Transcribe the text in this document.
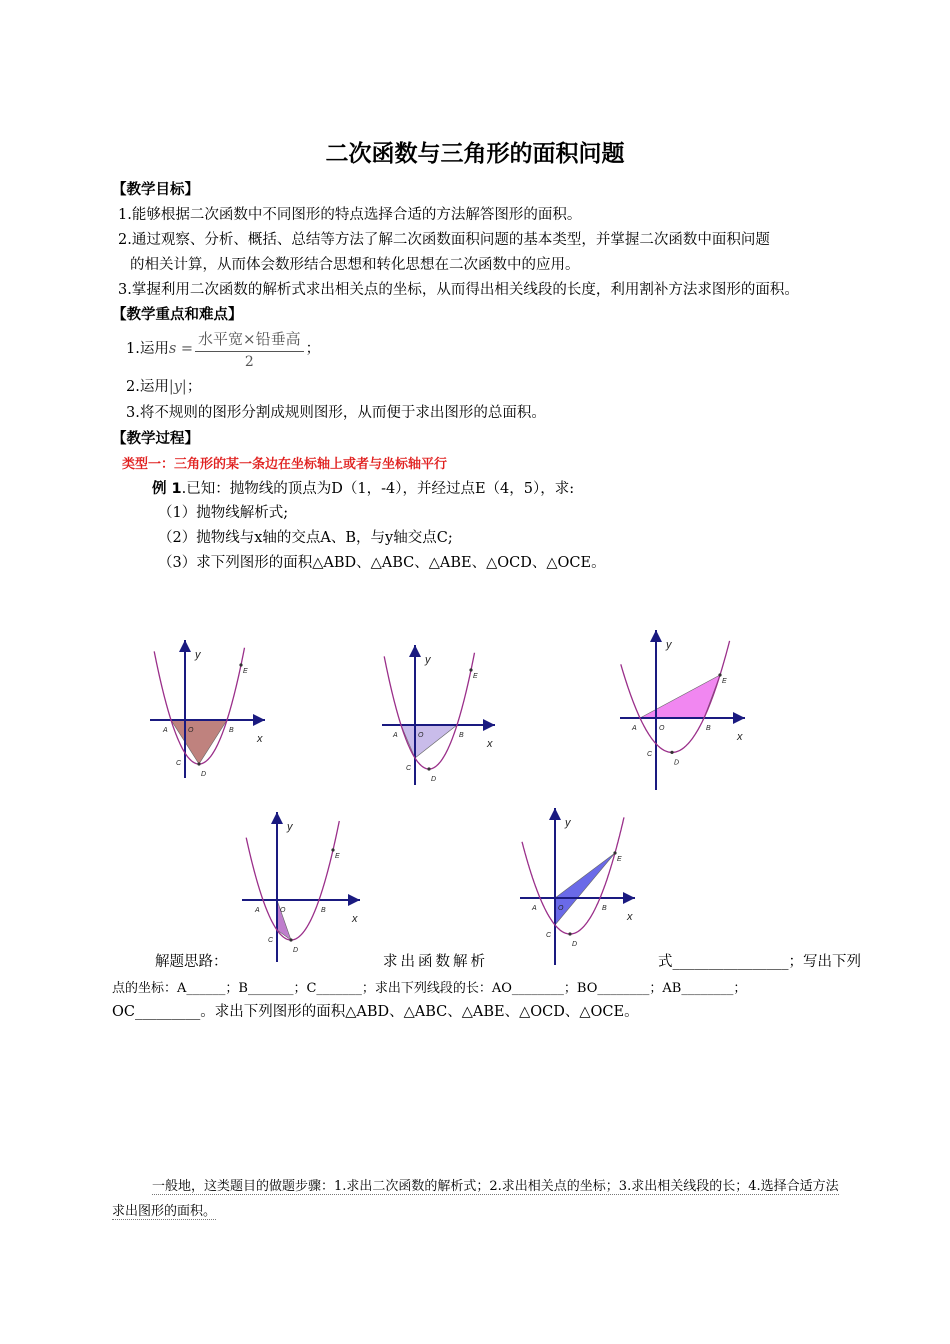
二次函数与三角形的面积问题
【教学目标】
1.能够根据二次函数中不同图形的特点选择合适的方法解答图形的面积。
2.通过观察、分析、概括、总结等方法了解二次函数面积问题的基本类型，并掌握二次函数中面积问题
的相关计算，从而体会数形结合思想和转化思想在二次函数中的应用。
3.掌握利用二次函数的解析式求出相关点的坐标，从而得出相关线段的长度，利用割补方法求图形的面积。
【教学重点和难点】
1.运用$s = \frac{\text{水平宽×铅垂高}}{2}$ ；
2.运用|y|；
3.将不规则的图形分割成规则图形，从而便于求出图形的总面积。
【教学过程】
类型一：三角形的某一条边在坐标轴上或者与坐标轴平行
例 1.已知：抛物线的顶点为D（1，-4），并经过点E（4，5），求:
（1）抛物线解析式;
（2）抛物线与x轴的交点A、B，与y轴交点C;
（3）求下列图形的面积△ABD、△ABC、△ABE、△OCD、△OCE。
y
x
A	O	B
C
D
E
y
x
A	O	B
C
D
E
y
x
A	O	B
C
D
E
y
x
A	O	B
C
D
E
y
x
A	O	B
C
D
E
解题思路：	求出函数解析	式________________；写出下列
点的坐标：A______；B_______；C_______；求出下列线段的长：AO________；BO________；AB________；
OC_________。求出下列图形的面积△ABD、△ABC、△ABE、△OCD、△OCE。
一般地，这类题目的做题步骤：1.求出二次函数的解析式；2.求出相关点的坐标；3.求出相关线段的长；4.选择合适方法
求出图形的面积。
